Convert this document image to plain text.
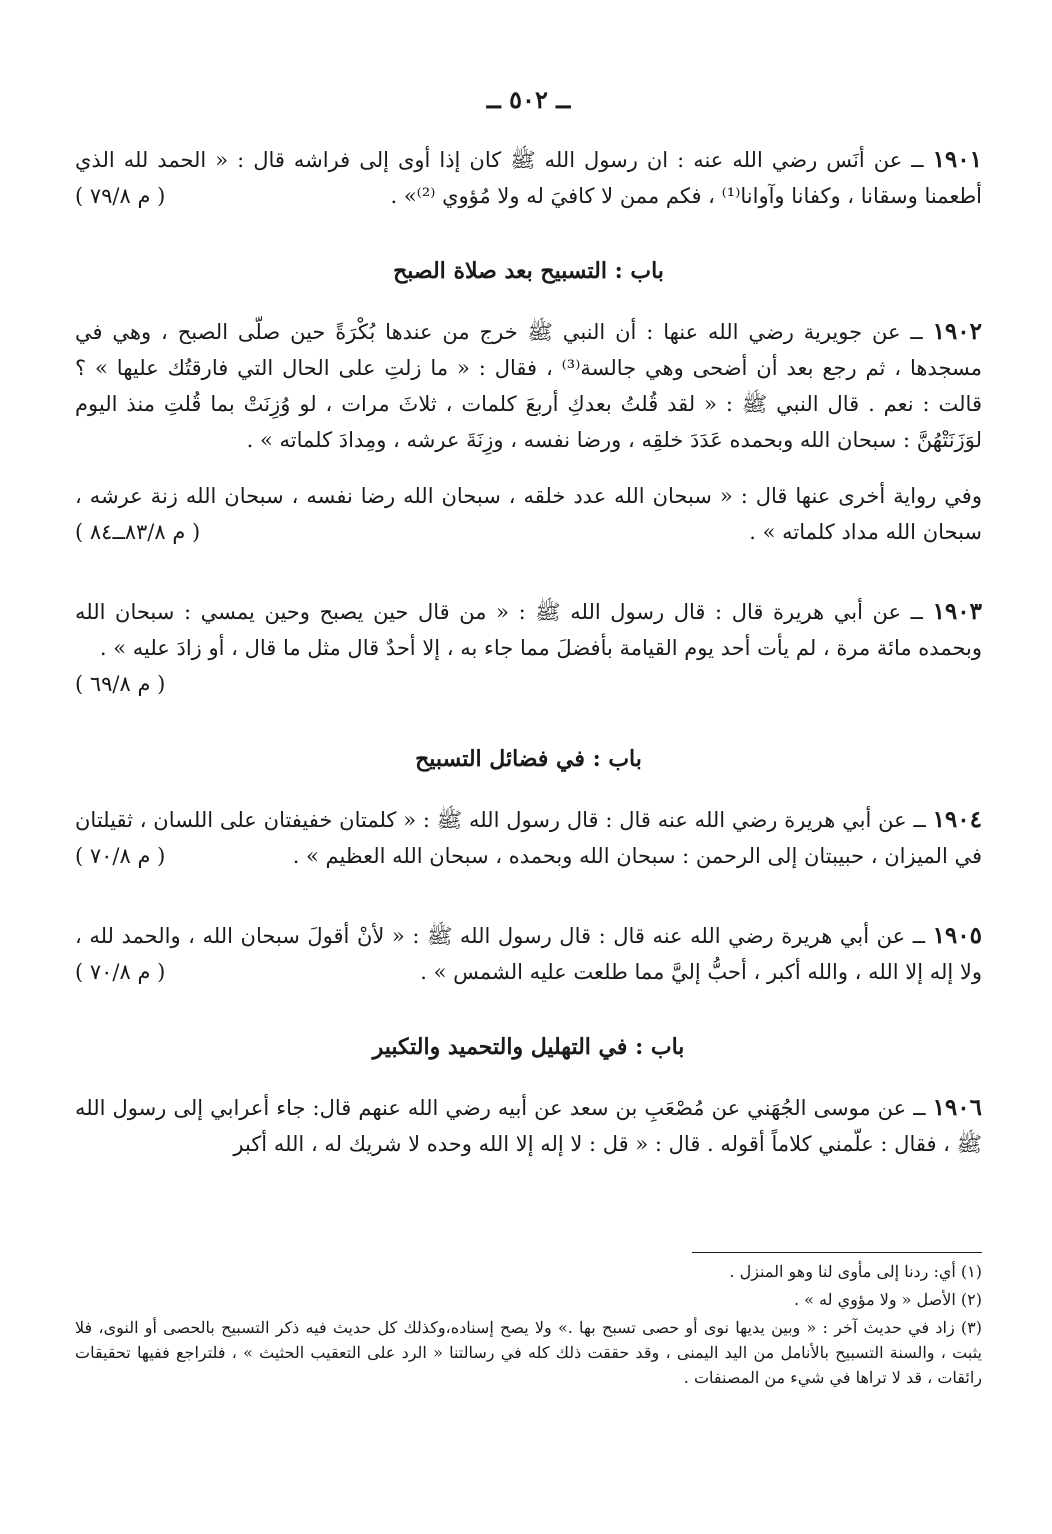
ــ ٥٠٢ ــ

١٩٠١ ــ عن أنَس رضي الله عنه : ان رسول الله ﷺ كان إذا أوى إلى فراشه قال : « الحمد لله الذي أطعمنا وسقانا ، وكفانا وآوانا⁽¹⁾ ، فكم ممن لا كافيَ له ولا مُؤوي ⁽²⁾» .
( م ٧٩/٨ )

باب : التسبيح بعد صلاة الصبح

١٩٠٢ ــ عن جويرية رضي الله عنها : أن النبي ﷺ خرج من عندها بُكْرَةً حين صلّى الصبح ، وهي في مسجدها ، ثم رجع بعد أن أضحى وهي جالسة⁽³⁾ ، فقال : « ما زلتِ على الحال التي فارقتُك عليها » ؟ قالت : نعم . قال النبي ﷺ : « لقد قُلتُ بعدكِ أربعَ كلمات ، ثلاثَ مرات ، لو وُزِنَتْ بما قُلتِ منذ اليوم لوَزَنَتْهُنَّ : سبحان الله وبحمده عَدَدَ خلقِه ، ورضا نفسه ، وزِنَةَ عرشه ، ومِدادَ كلماته » .

وفي رواية أخرى عنها قال : « سبحان الله عدد خلقه ، سبحان الله رضا نفسه ، سبحان الله زنة عرشه ، سبحان الله مداد كلماته » .
( م ٨٣/٨ــ٨٤ )

١٩٠٣ ــ عن أبي هريرة قال : قال رسول الله ﷺ : « من قال حين يصبح وحين يمسي : سبحان الله وبحمده مائة مرة ، لم يأت أحد يوم القيامة بأفضلَ مما جاء به ، إلا أحدٌ قال مثل ما قال ، أو زادَ عليه » .
( م ٦٩/٨ )

باب : في فضائل التسبيح

١٩٠٤ ــ عن أبي هريرة رضي الله عنه قال : قال رسول الله ﷺ : « كلمتان خفيفتان على اللسان ، ثقيلتان في الميزان ، حبيبتان إلى الرحمن : سبحان الله وبحمده ، سبحان الله العظيم » .
( م ٧٠/٨ )

١٩٠٥ ــ عن أبي هريرة رضي الله عنه قال : قال رسول الله ﷺ : « لأنْ أقولَ سبحان الله ، والحمد لله ، ولا إله إلا الله ، والله أكبر ، أحبُّ إليَّ مما طلعت عليه الشمس » .
( م ٧٠/٨ )

باب : في التهليل والتحميد والتكبير

١٩٠٦ ــ عن موسى الجُهَني عن مُصْعَبِ بن سعد عن أبيه رضي الله عنهم قال: جاء أعرابي إلى رسول الله ﷺ ، فقال : علّمني كلاماً أقوله . قال : « قل : لا إله إلا الله وحده لا شريك له ، الله أكبر

(١) أي: ردنا إلى مأوى لنا وهو المنزل .
(٢) الأصل « ولا مؤوي له » .
(٣) زاد في حديث آخر : « وبين يديها نوى أو حصى تسبح بها .» ولا يصح إسناده،وكذلك كل حديث فيه ذكر التسبيح بالحصى أو النوى، فلا يثبت ، والسنة التسبيح بالأنامل من اليد اليمنى ، وقد حققت ذلك كله في رسالتنا « الرد على التعقيب الحثيث » ، فلتراجع ففيها تحقيقات رائقات ، قد لا تراها في شيء من المصنفات .
